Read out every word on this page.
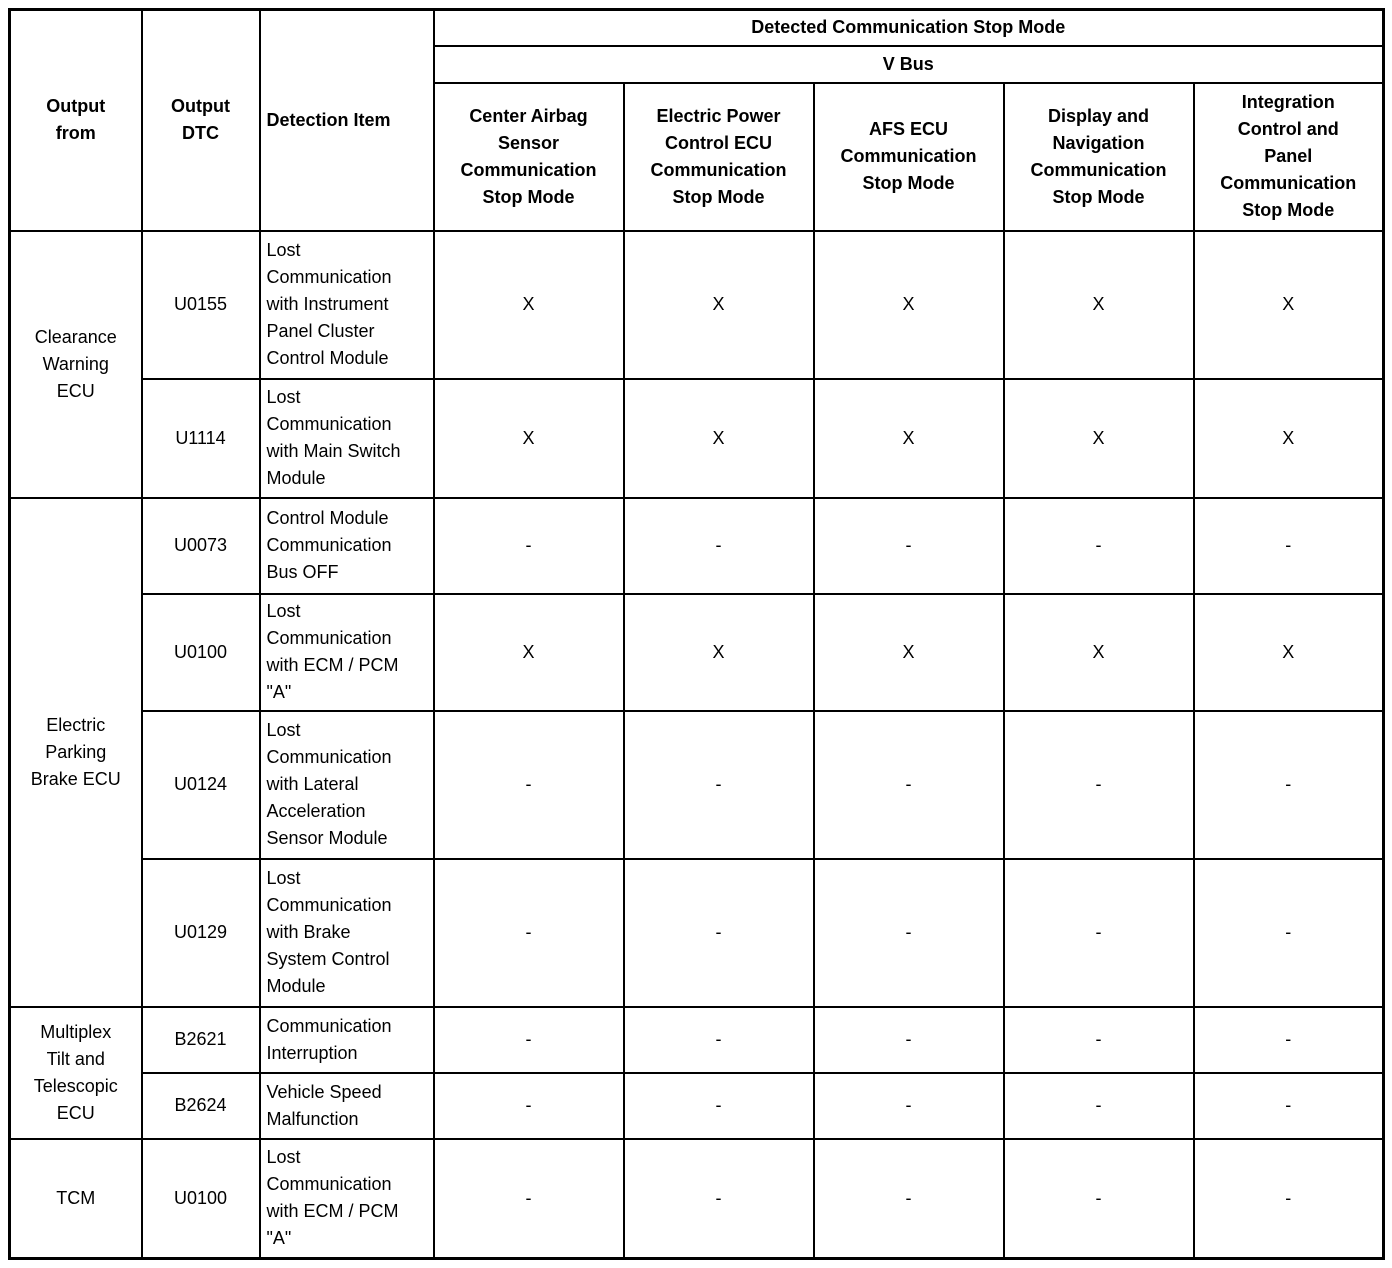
Output from	Output DTC	Detection Item	Detected Communication Stop Mode				
			V Bus				
			Center Airbag Sensor Communication Stop Mode	Electric Power Control ECU Communication Stop Mode	AFS ECU Communication Stop Mode	Display and Navigation Communication Stop Mode	Integration Control and Panel Communication Stop Mode
Clearance Warning ECU	U0155	Lost Communication with Instrument Panel Cluster Control Module	X	X	X	X	X
	U1114	Lost Communication with Main Switch Module	X	X	X	X	X
Electric Parking Brake ECU	U0073	Control Module Communication Bus OFF	-	-	-	-	-
	U0100	Lost Communication with ECM / PCM "A"	X	X	X	X	X
	U0124	Lost Communication with Lateral Acceleration Sensor Module	-	-	-	-	-
	U0129	Lost Communication with Brake System Control Module	-	-	-	-	-
Multiplex Tilt and Telescopic ECU	B2621	Communication Interruption	-	-	-	-	-
	B2624	Vehicle Speed Malfunction	-	-	-	-	-
TCM	U0100	Lost Communication with ECM / PCM "A"	-	-	-	-	-
